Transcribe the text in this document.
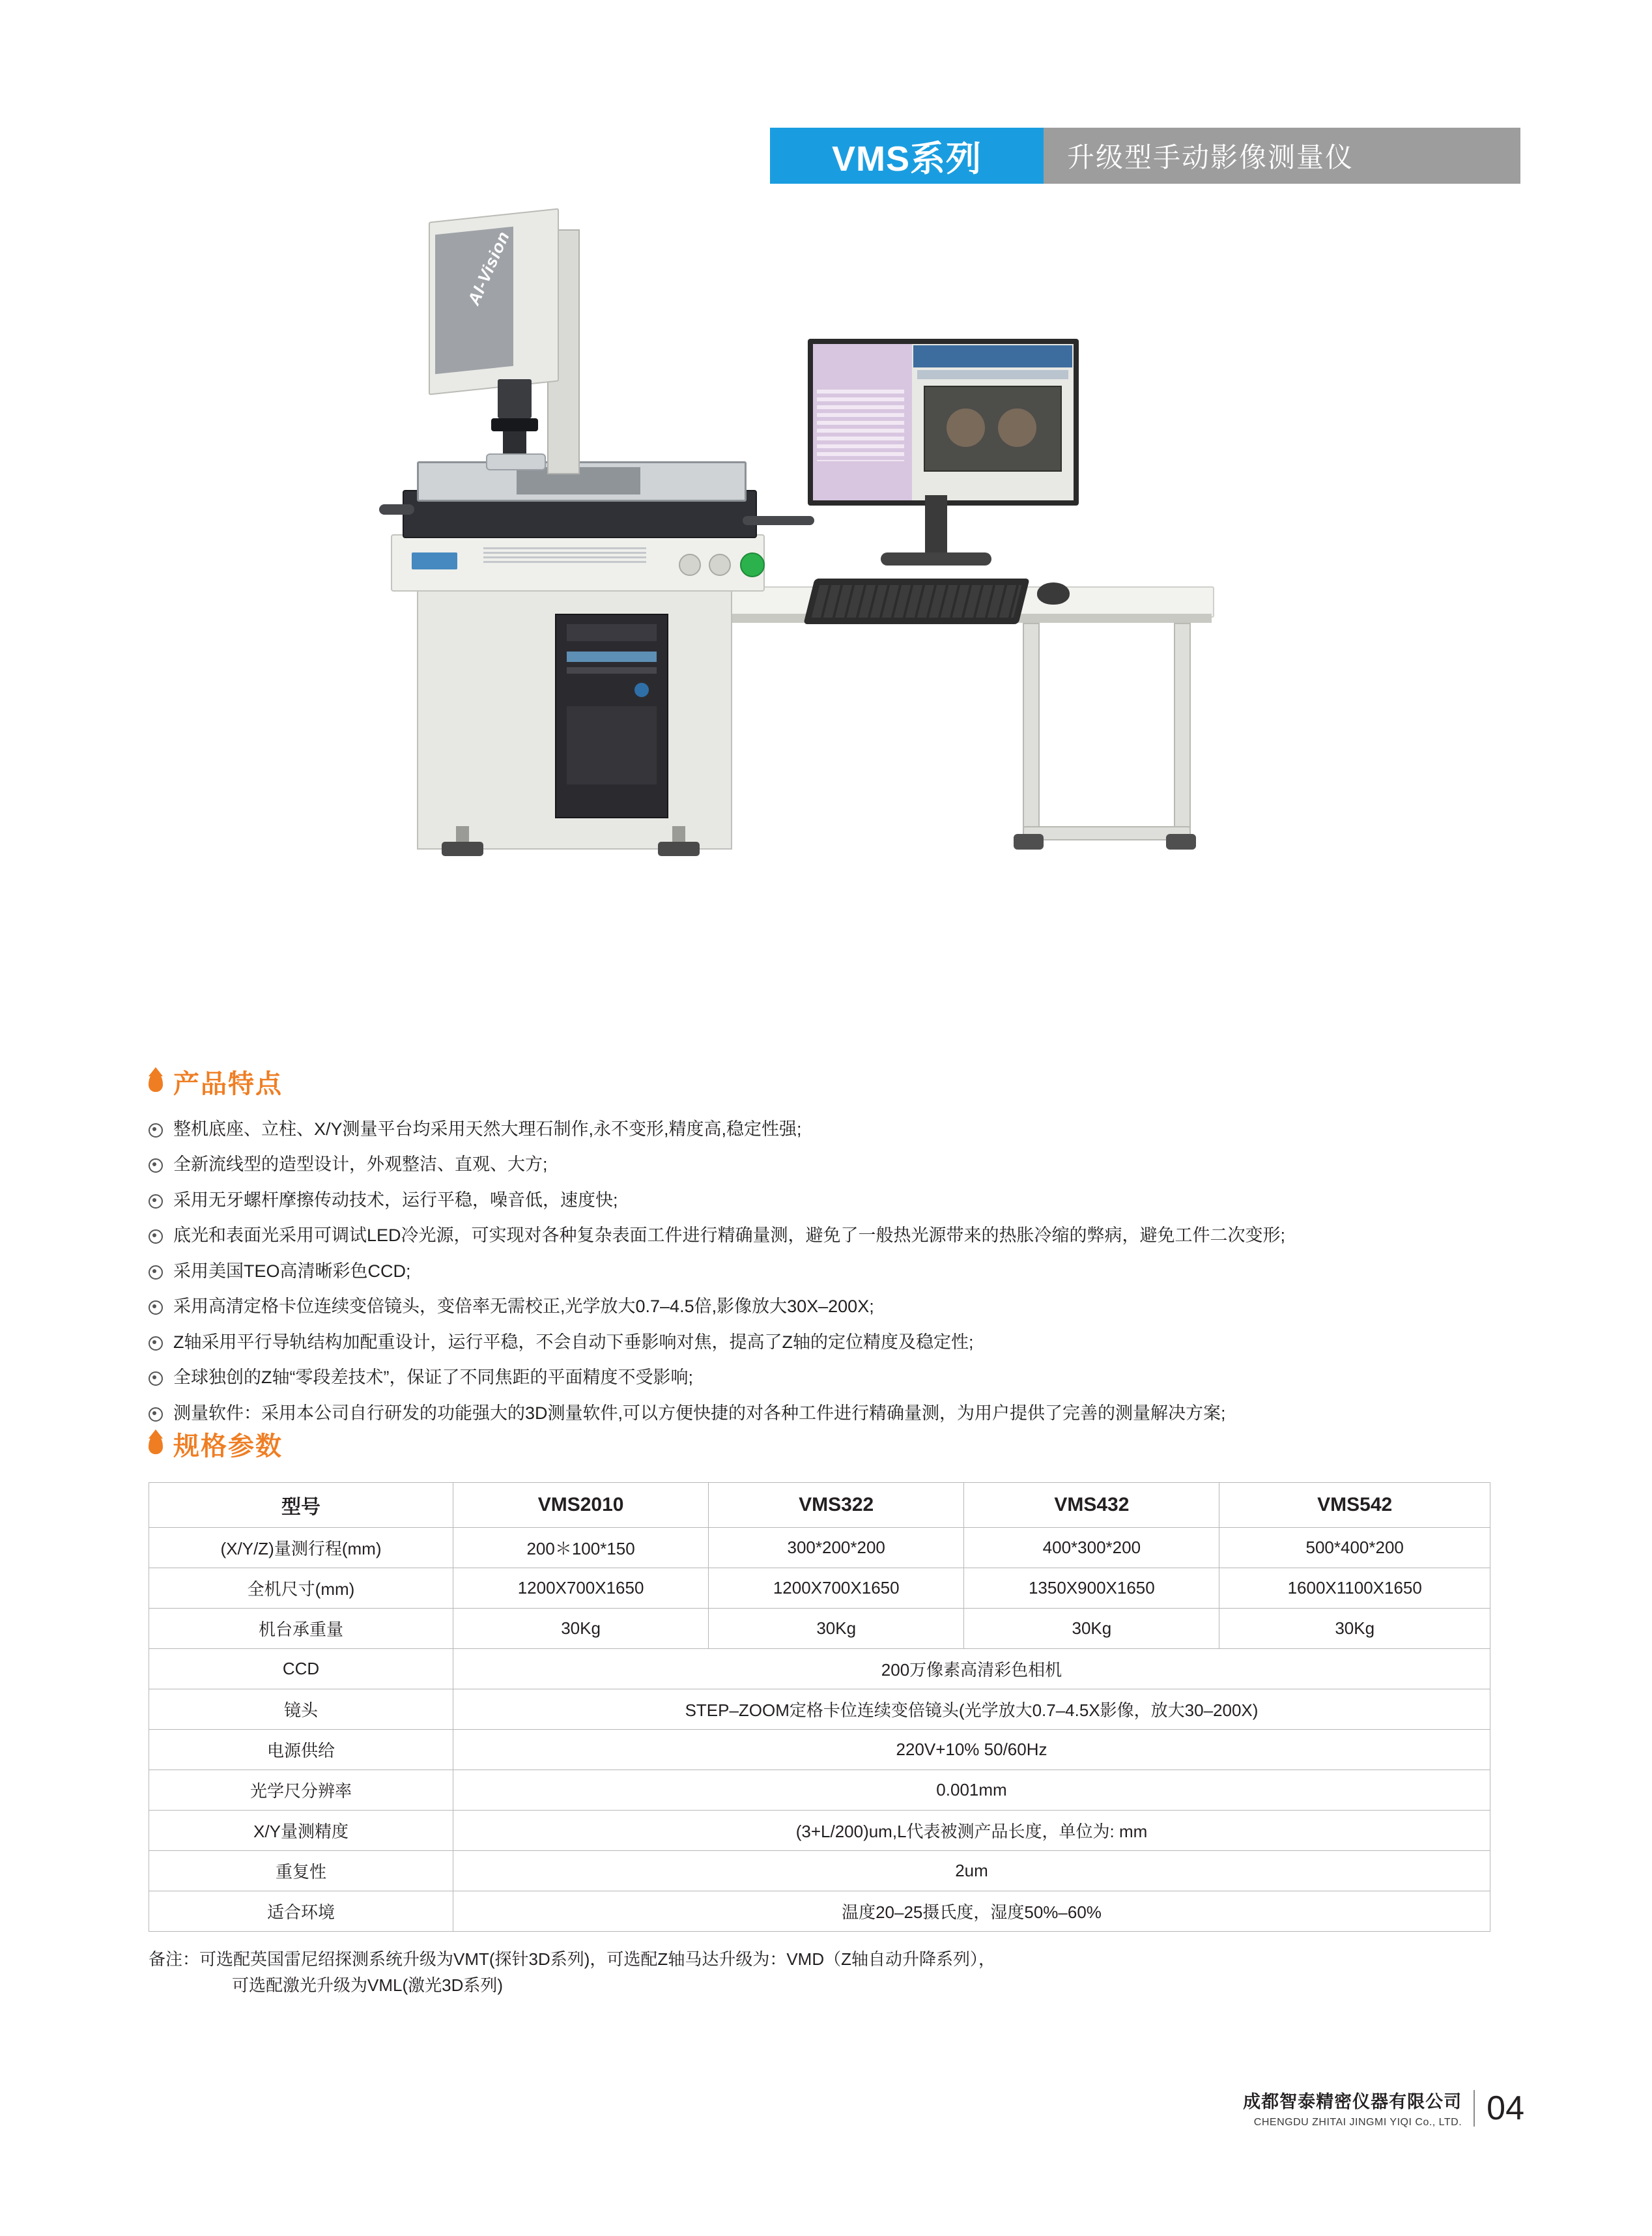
VMS系列	升级型手动影像测量仪
AI-Vision
产品特点
整机底座、立柱、X/Y测量平台均采用天然大理石制作,永不变形,精度高,稳定性强;
全新流线型的造型设计，外观整洁、直观、大方;
采用无牙螺杆摩擦传动技术，运行平稳，噪音低，速度快;
底光和表面光采用可调试LED冷光源，可实现对各种复杂表面工件进行精确量测，避免了一般热光源带来的热胀冷缩的弊病，避免工件二次变形;
采用美国TEO高清晰彩色CCD;
采用高清定格卡位连续变倍镜头，变倍率无需校正,光学放大0.7–4.5倍,影像放大30X–200X;
Z轴采用平行导轨结构加配重设计，运行平稳，不会自动下垂影响对焦，提高了Z轴的定位精度及稳定性;
全球独创的Z轴“零段差技术”，保证了不同焦距的平面精度不受影响;
测量软件：采用本公司自行研发的功能强大的3D测量软件,可以方便快捷的对各种工件进行精确量测，为用户提供了完善的测量解决方案;
规格参数
型号	VMS2010	VMS322	VMS432	VMS542
(X/Y/Z)量测行程(mm)	200＊100*150	300*200*200	400*300*200	500*400*200
全机尺寸(mm)	1200X700X1650	1200X700X1650	1350X900X1650	1600X1100X1650
机台承重量	30Kg	30Kg	30Kg	30Kg
CCD	200万像素高清彩色相机			
镜头	STEP–ZOOM定格卡位连续变倍镜头(光学放大0.7–4.5X影像，放大30–200X)			
电源供给	220V+10% 50/60Hz			
光学尺分辨率	0.001mm			
X/Y量测精度	(3+L/200)um,L代表被测产品长度，单位为: mm			
重复性	2um			
适合环境	温度20–25摄氏度，湿度50%–60%			
备注：可选配英国雷尼绍探测系统升级为VMT(探针3D系列)，可选配Z轴马达升级为：VMD（Z轴自动升降系列），
可选配激光升级为VML(激光3D系列)
成都智泰精密仪器有限公司
CHENGDU ZHITAI JINGMI YIQI Co., LTD. 04
